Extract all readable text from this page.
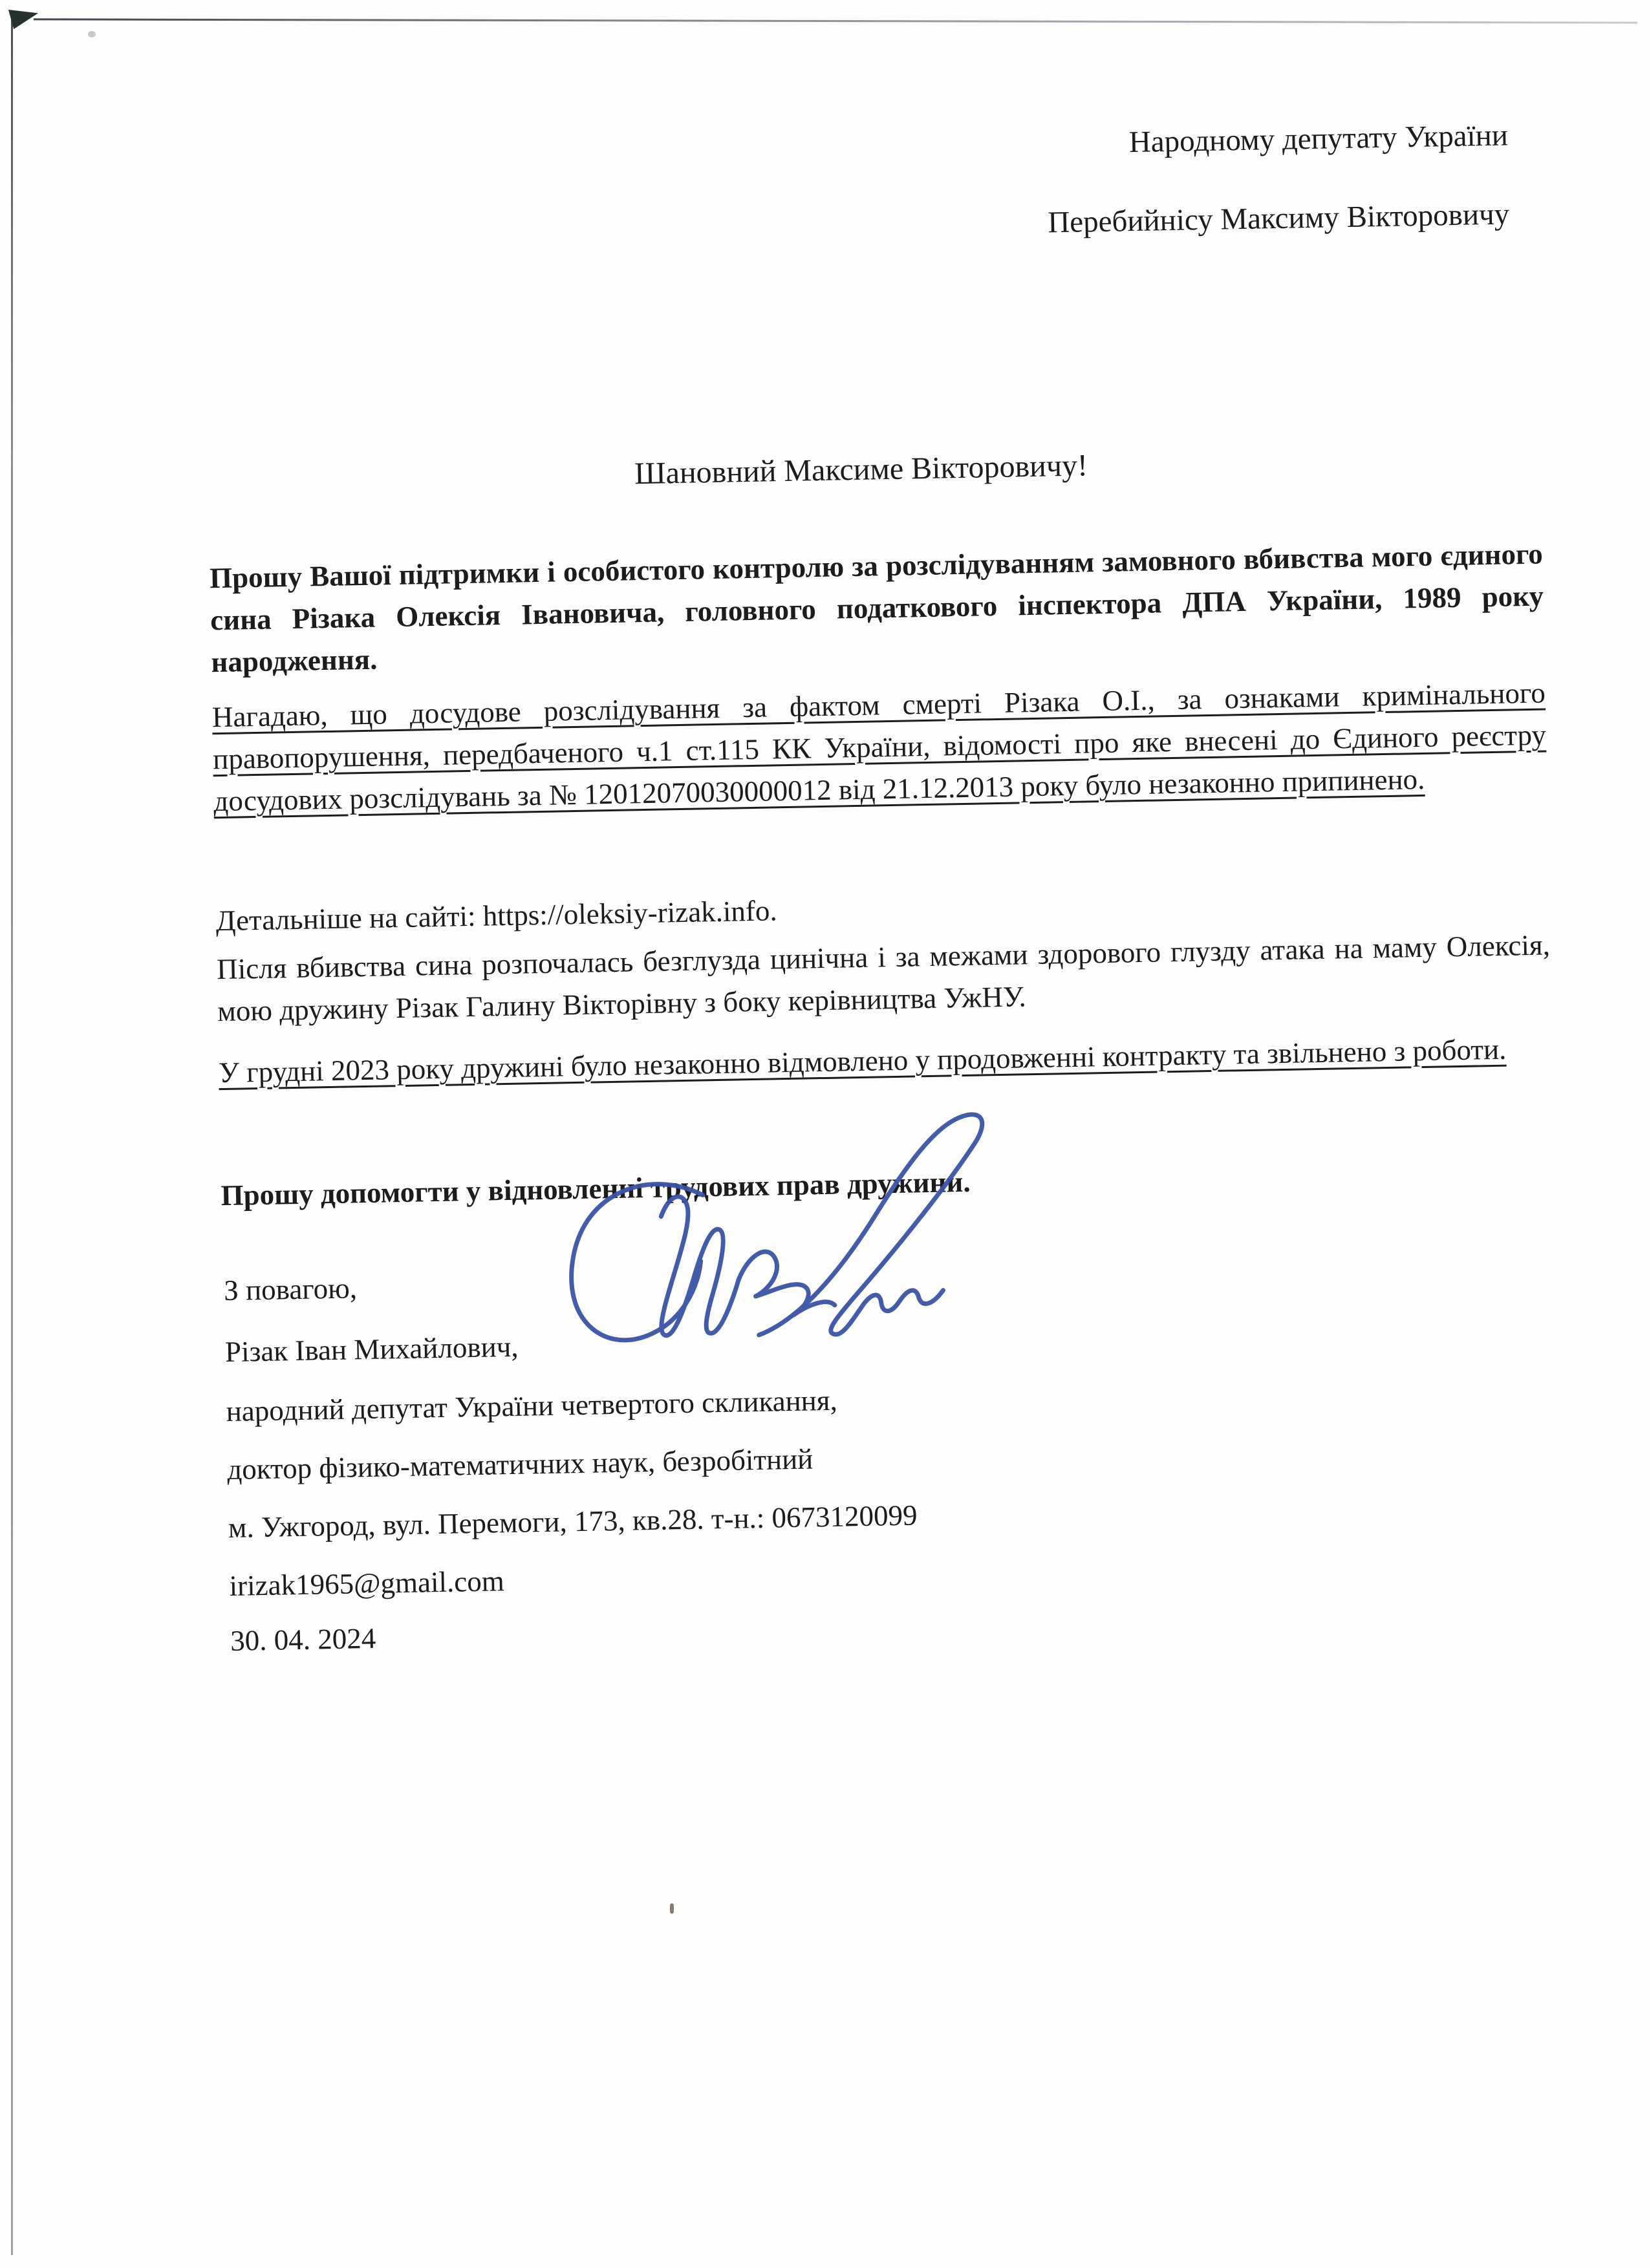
Народному депутату України
Перебийнісу Максиму Вікторовичу
Шановний Максиме Вікторовичу!
Прошу Вашої підтримки і особистого контролю за розслідуванням замовного вбивства мого єдиного сина Різака Олексія Івановича, головного податкового інспектора ДПА України, 1989 року народження.
Нагадаю, що досудове розслідування за фактом смерті Різака О.І., за ознаками кримінального правопорушення, передбаченого ч.1 ст.115 КК України, відомості про яке внесені до Єдиного реєстру досудових розслідувань за № 12012070030000012 від 21.12.2013 року було незаконно припинено.
Детальніше на сайті: https://oleksiy-rizak.info.
Після вбивства сина розпочалась безглузда цинічна і за межами здорового глузду атака на маму Олексія, мою дружину Різак Галину Вікторівну з боку керівництва УжНУ.
У грудні 2023 року дружині було незаконно відмовлено у продовженні контракту та звільнено з роботи.
Прошу допомогти у відновленні трудових прав дружини.
З повагою,
Різак Іван Михайлович,
народний депутат України четвертого скликання,
доктор фізико-математичних наук, безробітний
м. Ужгород, вул. Перемоги, 173, кв.28. т-н.: 0673120099
irizak1965@gmail.com
30. 04. 2024
